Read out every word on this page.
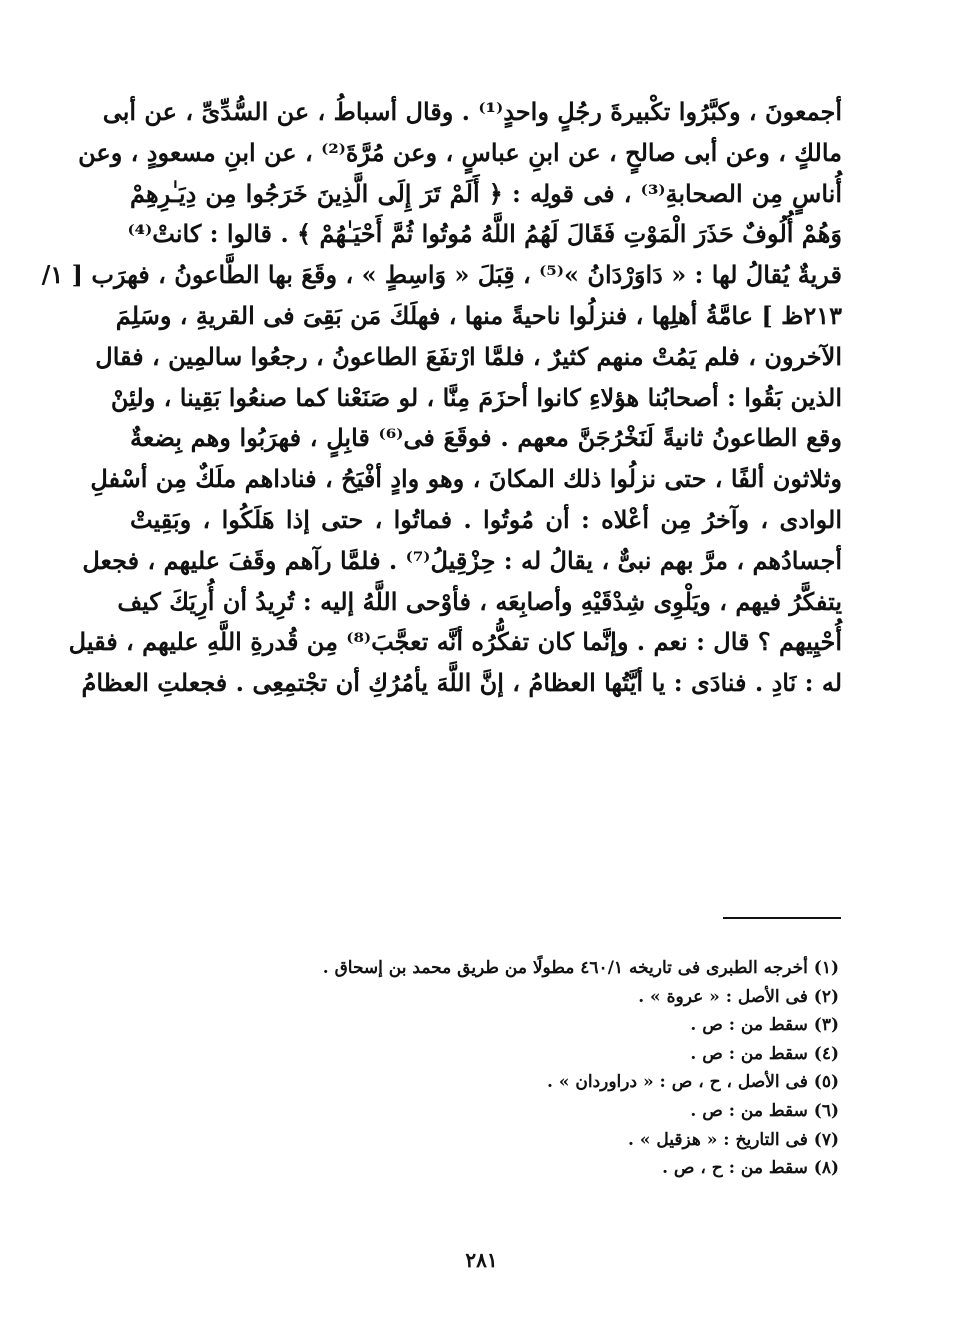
أجمعونَ ، وكبَّرُوا تكْبيرةَ رجُلٍ واحدٍ⁽¹⁾ . وقال أسباطُ ، عن السُّدِّىِّ ، عن أبى
مالكٍ ، وعن أبى صالحٍ ، عن ابنِ عباسٍ ، وعن مُرَّةَ⁽²⁾ ، عن ابنِ مسعودٍ ، وعن
أُناسٍ مِن الصحابةِ⁽³⁾ ، فى قولِه : ﴿ أَلَمْ تَرَ إِلَى الَّذِينَ خَرَجُوا مِن دِيَـٰرِهِمْ
وَهُمْ أُلُوفٌ حَذَرَ الْمَوْتِ فَقَالَ لَهُمُ اللَّهُ مُوتُوا ثُمَّ أَحْيَـٰهُمْ ﴾ . قالوا : كانتْ⁽⁴⁾
قريةٌ يُقالُ لها : « دَاوَرْدَانُ »⁽⁵⁾ ، قِبَلَ « وَاسِطٍ » ، وقَعَ بها الطَّاعونُ ، فهرَب [ ١/
٢١٣ظ ] عامَّةُ أهلِها ، فنزلُوا ناحيةً منها ، فهلَكَ مَن بَقِىَ فى القريةِ ، وسَلِمَ
الآخرون ، فلم يَمُتْ منهم كثيرٌ ، فلمَّا ارْتفَعَ الطاعونُ ، رجعُوا سالمِين ، فقال
الذين بَقُوا : أصحابُنا هؤلاءِ كانوا أحزَمَ مِنَّا ، لو صَنَعْنا كما صنعُوا بَقِينا ، ولئِنْ
وقع الطاعونُ ثانيةً لَنَخْرُجَنَّ معهم . فوقَعَ فى⁽⁶⁾ قابِلٍ ، فهرَبُوا وهم بِضعةٌ
وثلاثون ألفًا ، حتى نزلُوا ذلك المكانَ ، وهو وادٍ أفْيَحُ ، فناداهم ملَكٌ مِن أسْفلِ
الوادى ، وآخرُ مِن أعْلاه : أن مُوتُوا . فماتُوا ، حتى إذا هَلَكُوا ، وبَقِيتْ
أجسادُهم ، مرَّ بهم نبىٌّ ، يقالُ له : حِزْقِيلُ⁽⁷⁾ . فلمَّا رآهم وقَفَ عليهم ، فجعل
يتفكَّرُ فيهم ، ويَلْوِى شِدْقَيْهِ وأصابِعَه ، فأوْحى اللَّهُ إليه : تُرِيدُ أن أُرِيَكَ كيف
أُحْيِيهم ؟ قال : نعم . وإنَّما كان تفكُّرُه أنَّه تعجَّبَ⁽⁸⁾ مِن قُدرةِ اللَّهِ عليهم ، فقيل
له : نَادِ . فنادَى : يا أيَّتُها العظامُ ، إنَّ اللَّهَ يأمُرُكِ أن تجْتمِعِى . فجعلتِ العظامُ
(١) أخرجه الطبرى فى تاريخه ٤٦٠/١ مطولًا من طريق محمد بن إسحاق .
(٢) فى الأصل : « عروة » .
(٣) سقط من : ص .
(٤) سقط من : ص .
(٥) فى الأصل ، ح ، ص : « دراوردان » .
(٦) سقط من : ص .
(٧) فى التاريخ : « هزقيل » .
(٨) سقط من : ح ، ص .
٢٨١
